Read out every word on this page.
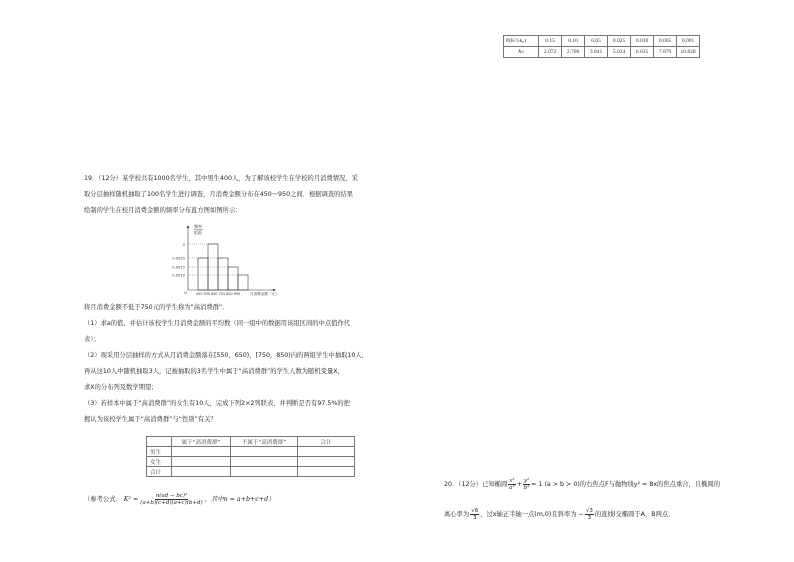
P(K²≥k₀)	0.15	0.10	0.05	0.025	0.010	0.005	0.001
k₀	2.072	2.706	3.841	5.024	6.635	7.879	10.828
19．（12分）某学校共有1000名学生，其中男生400人，为了解该校学生在学校的月消费情况，采
取分层抽样随机抽取了100名学生进行调查，月消费金额分布在450～950之间．根据调查的结果
绘制的学生在校月消费金额的频率分布直方图如图所示：
频率
组距
a
0.0025
0.0015
0.0010
O	450 550 650 750 850 950	月消费金额（元）
将月消费金额不低于750元的学生称为“高消费群”．
（1）求a的值，并估计该校学生月消费金额的平均数（同一组中的数据用该组区间的中点值作代
表）；
（2）现采用分层抽样的方式从月消费金额落在[550，650)，[750，850)内的两组学生中抽取10人，
再从这10人中随机抽取3人，记被抽取的3名学生中属于“高消费群”的学生人数为随机变量X，
求X的分布列及数学期望；
（3）若样本中属于“高消费群”的女生有10人，完成下列2×2列联表，并判断是否有97.5%的把
握认为该校学生属于“高消费群”与“性别”有关？
	属于“高消费群”	不属于“高消费群”	合计
男生			
女生			
合计			
（参考公式： $K^2 = \frac{\text{n(ad − bc)²}}{(a+b)(c+d)(a+c)(b+d)}$ ，其中n = a+b+c+d）
20．（12分）已知椭圆 $\frac{\text{x²}}{\text{a²}} + \frac{\text{y²}}{\text{b²}} = 1$ (a > b > 0)的右焦点F与抛物线y² = 8x的焦点重合，且椭圆的
离心率为 $\frac{√6}{3}$ ，过x轴正半轴一点(m,0)且斜率为 − $\frac{√3}{3}$ 的直线l交椭圆于A，B两点．
